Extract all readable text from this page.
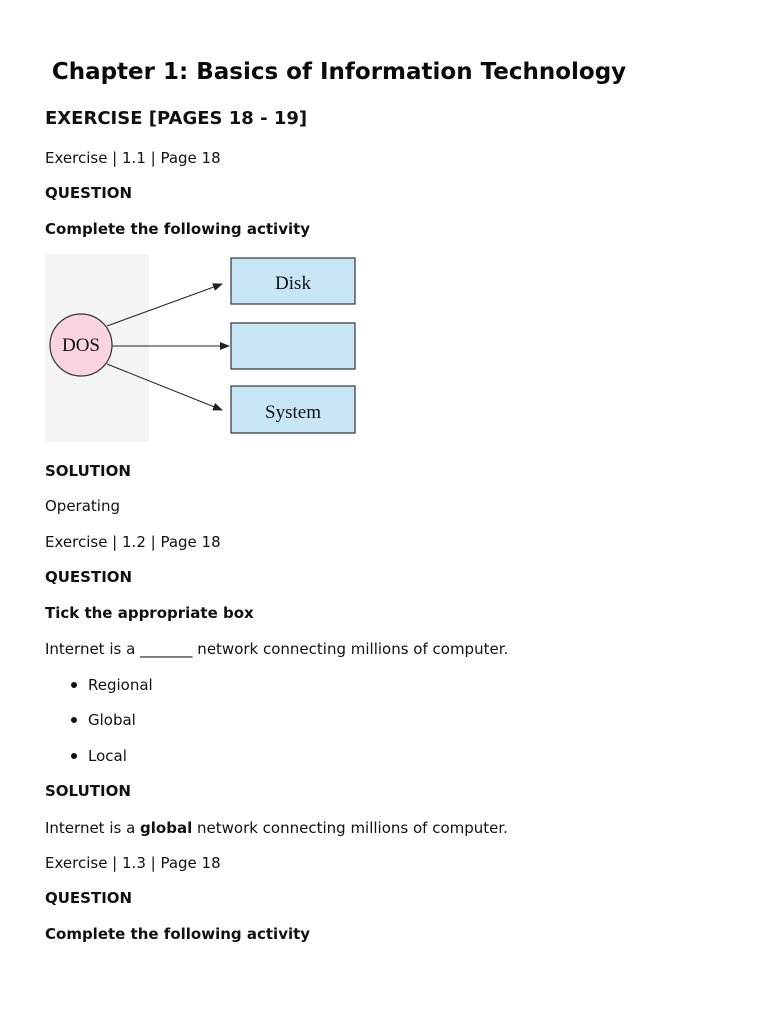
Chapter 1: Basics of Information Technology
EXERCISE [PAGES 18 - 19]
Exercise | 1.1 | Page 18
QUESTION
Complete the following activity
DOS
Disk
System
SOLUTION
Operating
Exercise | 1.2 | Page 18
QUESTION
Tick the appropriate box
Internet is a _______ network connecting millions of computer.
Regional
Global
Local
SOLUTION
Internet is a global network connecting millions of computer.
Exercise | 1.3 | Page 18
QUESTION
Complete the following activity
